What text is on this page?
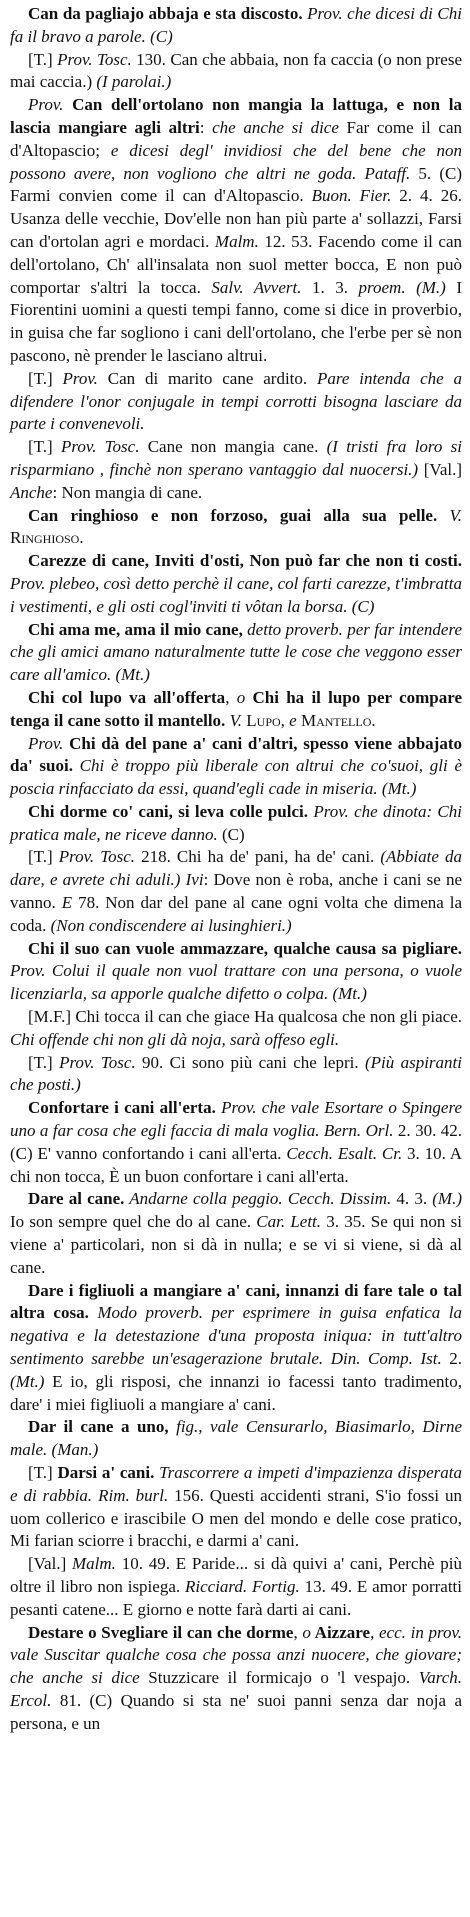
Can da pagliajo abbaja e sta discosto. Prov. che dicesi di Chi fa il bravo a parole. (C)

[T.] Prov. Tosc. 130. Can che abbaia, non fa caccia (o non prese mai caccia.) (I parolai.)

Prov. Can dell'ortolano non mangia la lattuga, e non la lascia mangiare agli altri: che anche si dice Far come il can d'Altopascio; e dicesi degl' invidiosi che del bene che non possono avere, non vogliono che altri ne goda. Pataff. 5. (C) Farmi convien come il can d'Altopascio. Buon. Fier. 2. 4. 26. Usanza delle vecchie, Dov'elle non han più parte a' sollazzi, Farsi can d'ortolan agri e mordaci. Malm. 12. 53. Facendo come il can dell'ortolano, Ch' all'insalata non suol metter bocca, E non può comportar s'altri la tocca. Salv. Avvert. 1. 3. proem. (M.) I Fiorentini uomini a questi tempi fanno, come si dice in proverbio, in guisa che far sogliono i cani dell'ortolano, che l'erbe per sè non pascono, nè prender le lasciano altrui.

[T.] Prov. Can di marito cane ardito. Pare intenda che a difendere l'onor conjugale in tempi corrotti bisogna lasciare da parte i convenevoli.

[T.] Prov. Tosc. Cane non mangia cane. (I tristi fra loro si risparmiano , finchè non sperano vantaggio dal nuocersi.) [Val.] Anche: Non mangia di cane.

Can ringhioso e non forzoso, guai alla sua pelle. V. Ringhioso.

Carezze di cane, Inviti d'osti, Non può far che non ti costi. Prov. plebeo, così detto perchè il cane, col farti carezze, t'imbratta i vestimenti, e gli osti cogl'inviti ti vôtan la borsa. (C)

Chi ama me, ama il mio cane, detto proverb. per far intendere che gli amici amano naturalmente tutte le cose che veggono esser care all'amico. (Mt.)

Chi col lupo va all'offerta, o Chi ha il lupo per compare tenga il cane sotto il mantello. V. Lupo, e Mantello.

Prov. Chi dà del pane a' cani d'altri, spesso viene abbajato da' suoi. Chi è troppo più liberale con altrui che co'suoi, gli è poscia rinfacciato da essi, quand'egli cade in miseria. (Mt.)

Chi dorme co' cani, si leva colle pulci. Prov. che dinota: Chi pratica male, ne riceve danno. (C)

[T.] Prov. Tosc. 218. Chi ha de' pani, ha de' cani. (Abbiate da dare, e avrete chi aduli.) Ivi: Dove non è roba, anche i cani se ne vanno. E 78. Non dar del pane al cane ogni volta che dimena la coda. (Non condiscendere ai lusinghieri.)

Chi il suo can vuole ammazzare, qualche causa sa pigliare. Prov. Colui il quale non vuol trattare con una persona, o vuole licenziarla, sa apporle qualche difetto o colpa. (Mt.)

[M.F.] Chi tocca il can che giace Ha qualcosa che non gli piace. Chi offende chi non gli dà noja, sarà offeso egli.

[T.] Prov. Tosc. 90. Ci sono più cani che lepri. (Più aspiranti che posti.)

Confortare i cani all'erta. Prov. che vale Esortare o Spingere uno a far cosa che egli faccia di mala voglia. Bern. Orl. 2. 30. 42. (C) E' vanno confortando i cani all'erta. Cecch. Esalt. Cr. 3. 10. A chi non tocca, È un buon confortare i cani all'erta.

Dare al cane. Andarne colla peggio. Cecch. Dissim. 4. 3. (M.) Io son sempre quel che do al cane. Car. Lett. 3. 35. Se qui non si viene a' particolari, non si dà in nulla; e se vi si viene, si dà al cane.

Dare i figliuoli a mangiare a' cani, innanzi di fare tale o tal altra cosa. Modo proverb. per esprimere in guisa enfatica la negativa e la detestazione d'una proposta iniqua: in tutt'altro sentimento sarebbe un'esagerazione brutale. Din. Comp. Ist. 2. (Mt.) E io, gli risposi, che innanzi io facessi tanto tradimento, dare' i miei figliuoli a mangiare a' cani.

Dar il cane a uno, fig., vale Censurarlo, Biasimarlo, Dirne male. (Man.)

[T.] Darsi a' cani. Trascorrere a impeti d'impazienza disperata e di rabbia. Rim. burl. 156. Questi accidenti strani, S'io fossi un uom collerico e irascibile O men del mondo e delle cose pratico, Mi farian sciorre i bracchi, e darmi a' cani.

[Val.] Malm. 10. 49. E Paride... si dà quivi a' cani, Perchè più oltre il libro non ispiega. Ricciard. Fortig. 13. 49. E amor porratti pesanti catene... E giorno e notte farà darti ai cani.

Destare o Svegliare il can che dorme, o Aizzare, ecc. in prov. vale Suscitar qualche cosa che possa anzi nuocere, che giovare; che anche si dice Stuzzicare il formicajo o 'l vespajo. Varch. Ercol. 81. (C) Quando si sta ne' suoi panni senza dar noja a persona, e un
